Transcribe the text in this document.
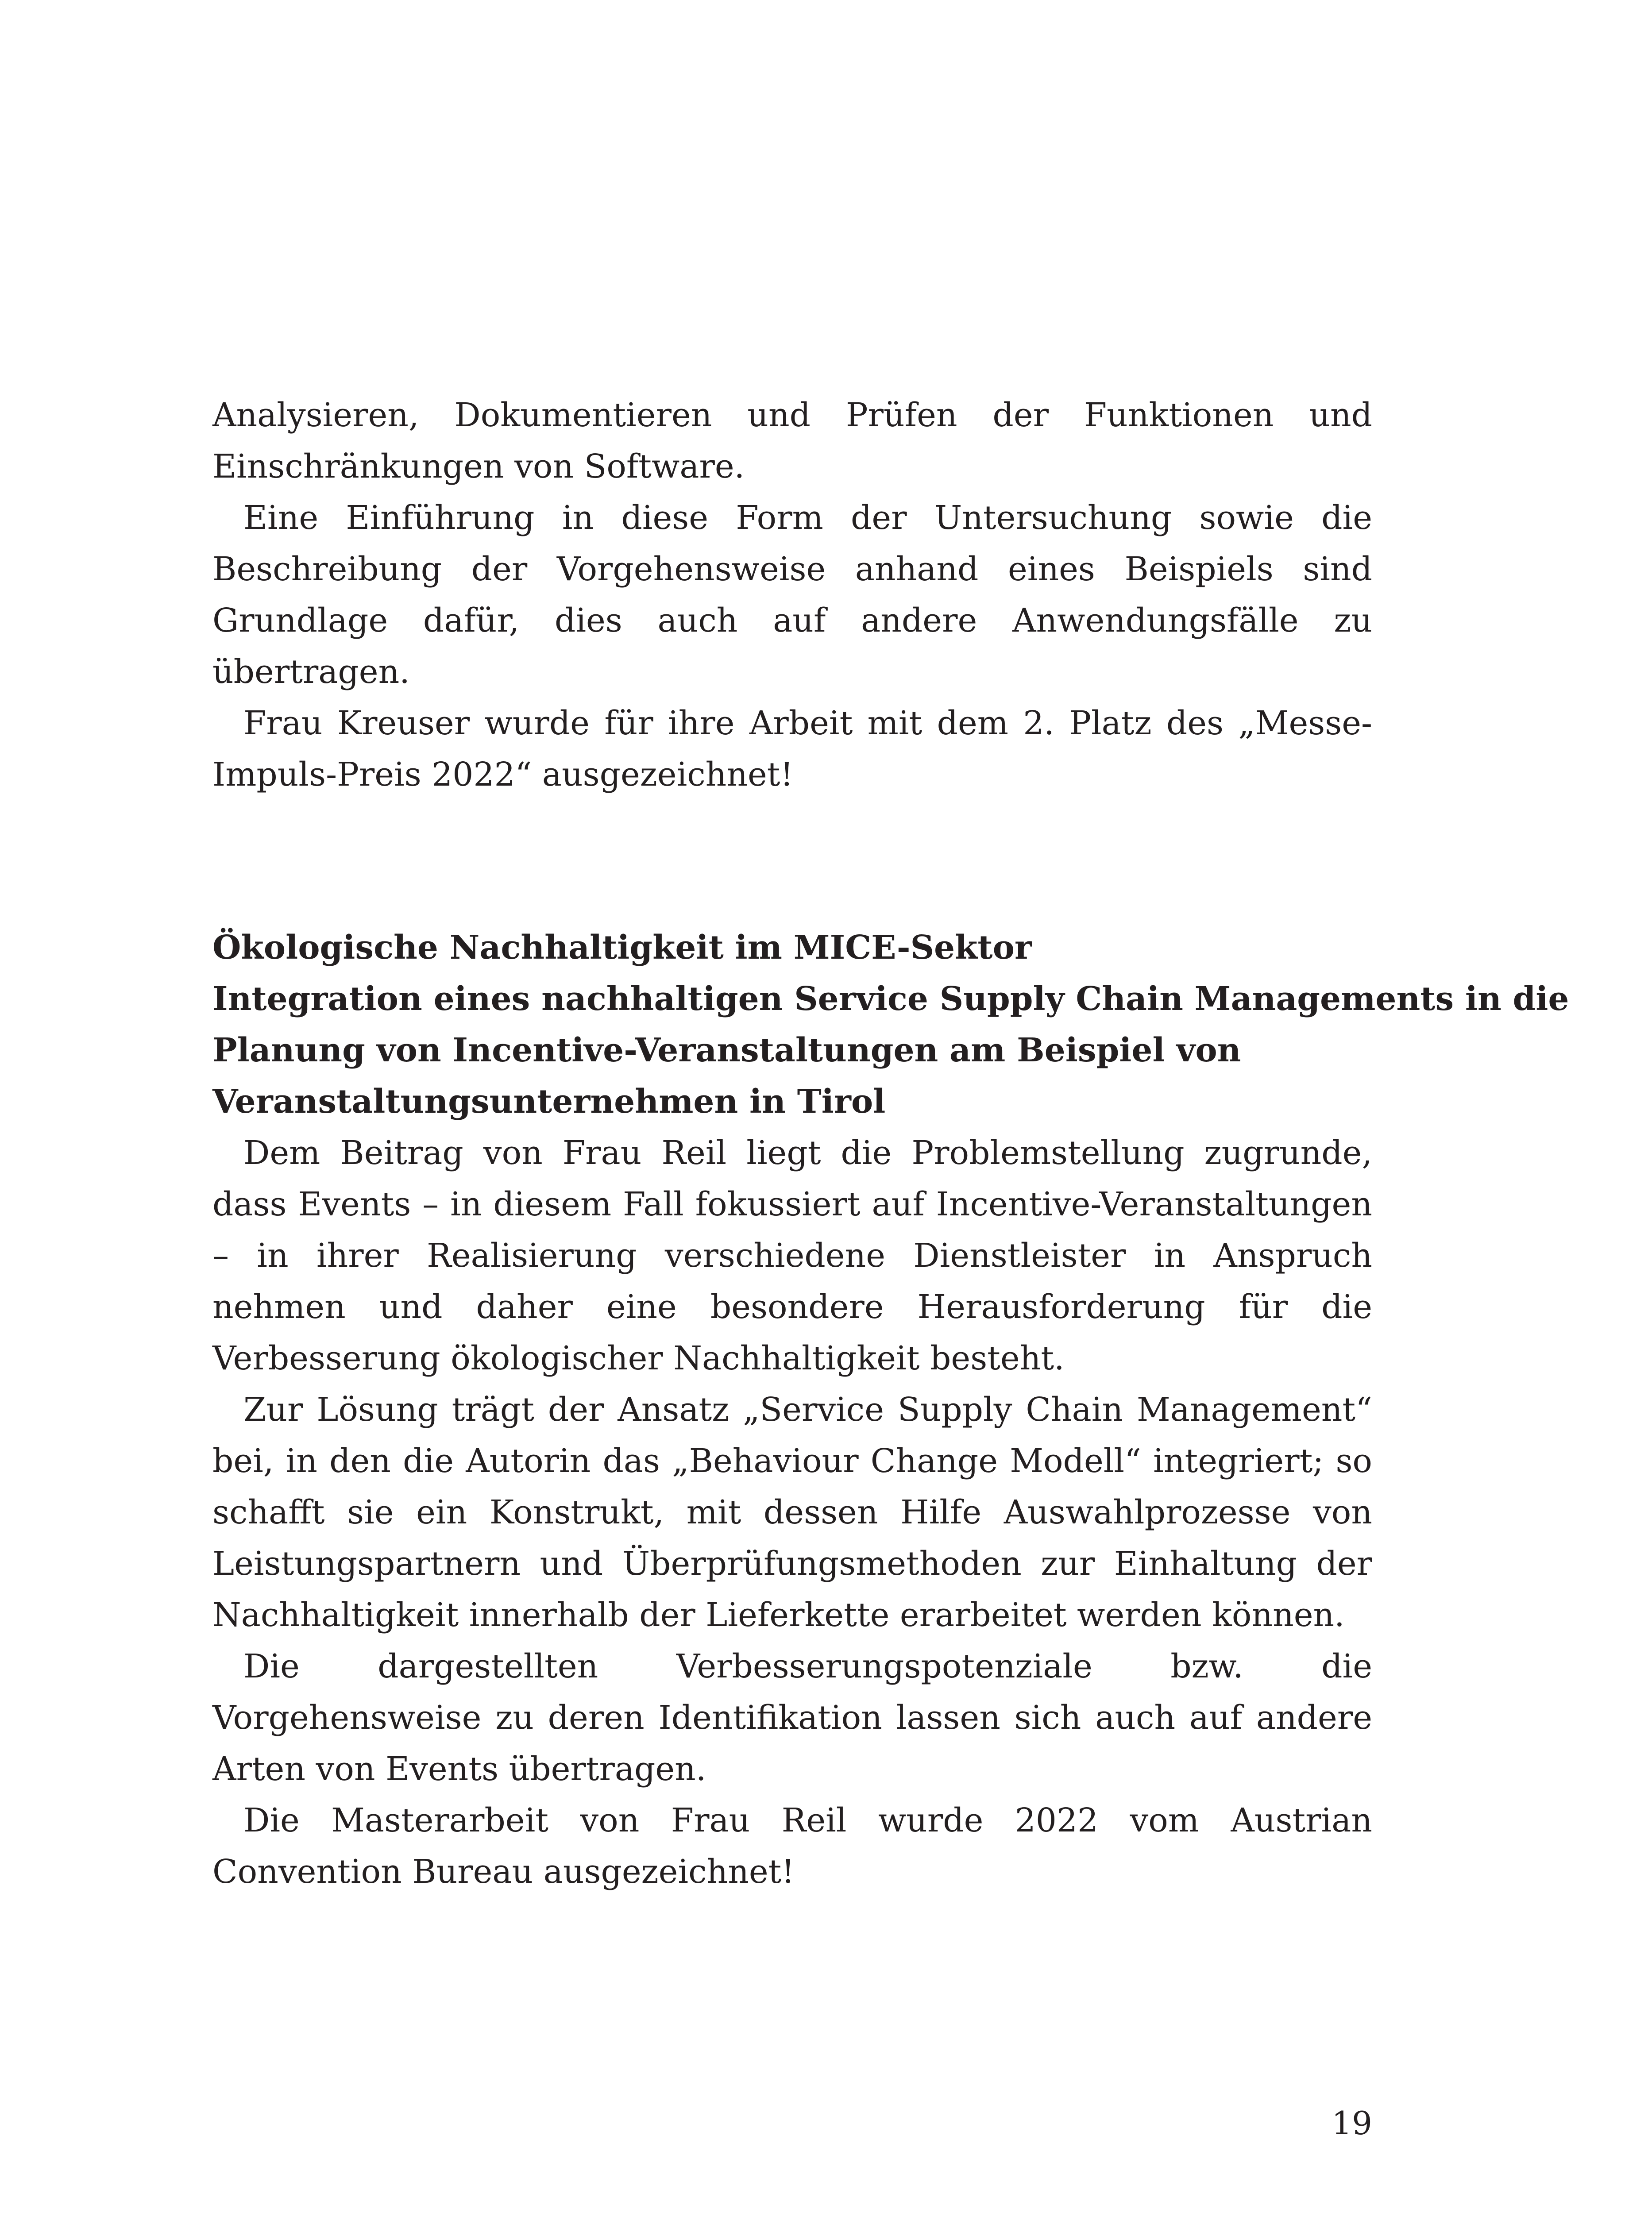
Analysieren, Dokumentieren und Prüfen der Funktionen und Einschränkungen von Software.

Eine Einführung in diese Form der Untersuchung sowie die Beschreibung der Vorgehensweise anhand eines Beispiels sind Grundlage dafür, dies auch auf andere Anwendungsfälle zu übertragen.

Frau Kreuser wurde für ihre Arbeit mit dem 2. Platz des „Messe-Impuls-Preis 2022“ ausgezeichnet!

Ökologische Nachhaltigkeit im MICE-Sektor
Integration eines nachhaltigen Service Supply Chain Managements in die
Planung von Incentive-Veranstaltungen am Beispiel von
Veranstaltungsunternehmen in Tirol

Dem Beitrag von Frau Reil liegt die Problemstellung zugrunde, dass Events – in diesem Fall fokussiert auf Incentive-Veranstaltungen – in ihrer Realisierung verschiedene Dienstleister in Anspruch nehmen und daher eine besondere Herausforderung für die Verbesserung ökologischer Nachhaltigkeit besteht.

Zur Lösung trägt der Ansatz „Service Supply Chain Management“ bei, in den die Autorin das „Behaviour Change Modell“ integriert; so schafft sie ein Konstrukt, mit dessen Hilfe Auswahlprozesse von Leistungspartnern und Überprüfungsmethoden zur Einhaltung der Nachhaltigkeit innerhalb der Lieferkette erarbeitet werden können.

Die dargestellten Verbesserungspotenziale bzw. die Vorgehensweise zu deren Identifikation lassen sich auch auf andere Arten von Events übertragen.

Die Masterarbeit von Frau Reil wurde 2022 vom Austrian Convention Bureau ausgezeichnet!

19
